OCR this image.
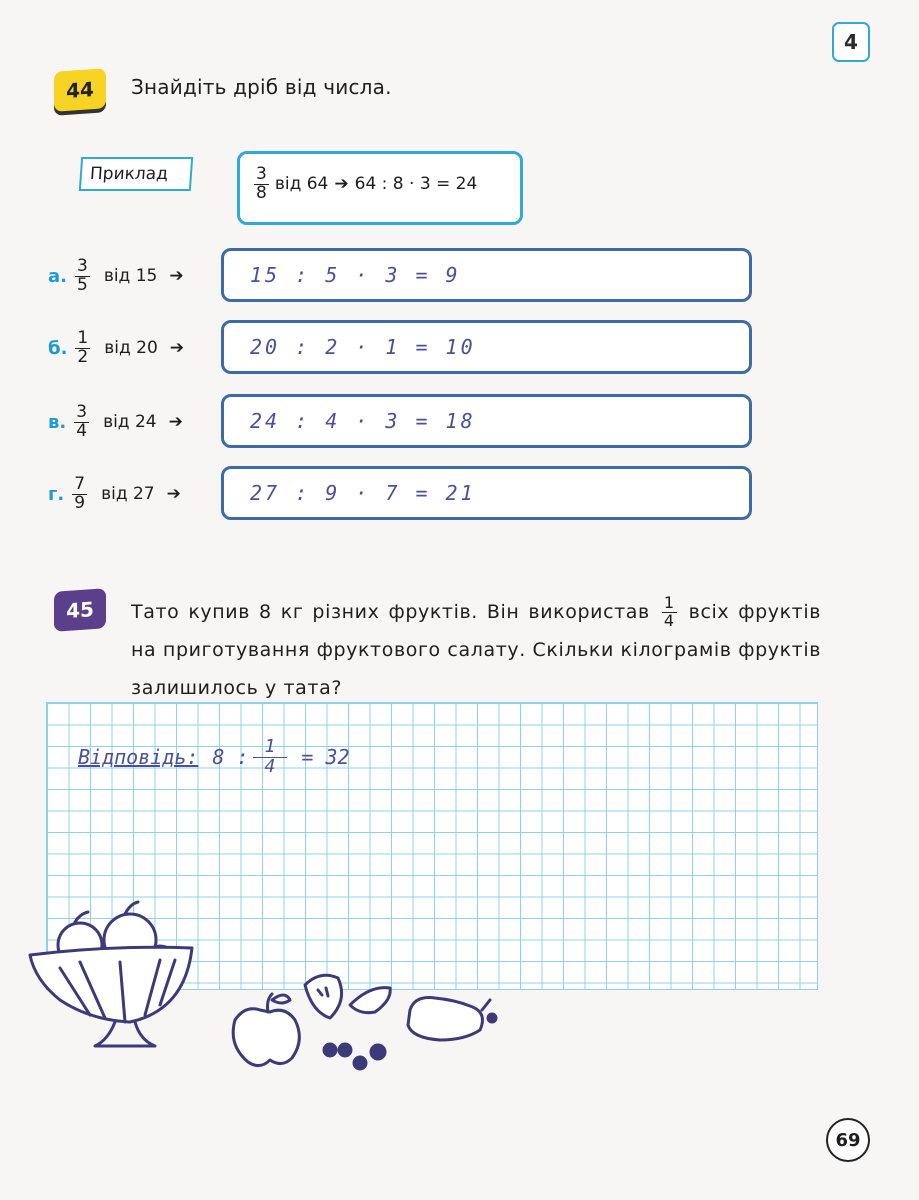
4
44	Знайдіть дріб від числа.
Приклад	$\frac{3}{8}$ від 64 ➔ 64 : 8 · 3 = 24
а. $\frac{3}{5}$ від 15 ➔	15 : 5 · 3 = 9
б. $\frac{1}{2}$ від 20 ➔	20 : 2 · 1 = 10
в. $\frac{3}{4}$ від 24 ➔	24 : 4 · 3 = 18
г. $\frac{7}{9}$ від 27 ➔	27 : 9 · 7 = 21
45	Тато купив 8 кг різних фруктів. Він використав $\frac{1}{4}$ всіх фруктів на приготування фруктового салату. Скільки кілограмів фруктів залишилось у тата?
Відповідь: 8 : $\frac{1}{4} = 32$
69
